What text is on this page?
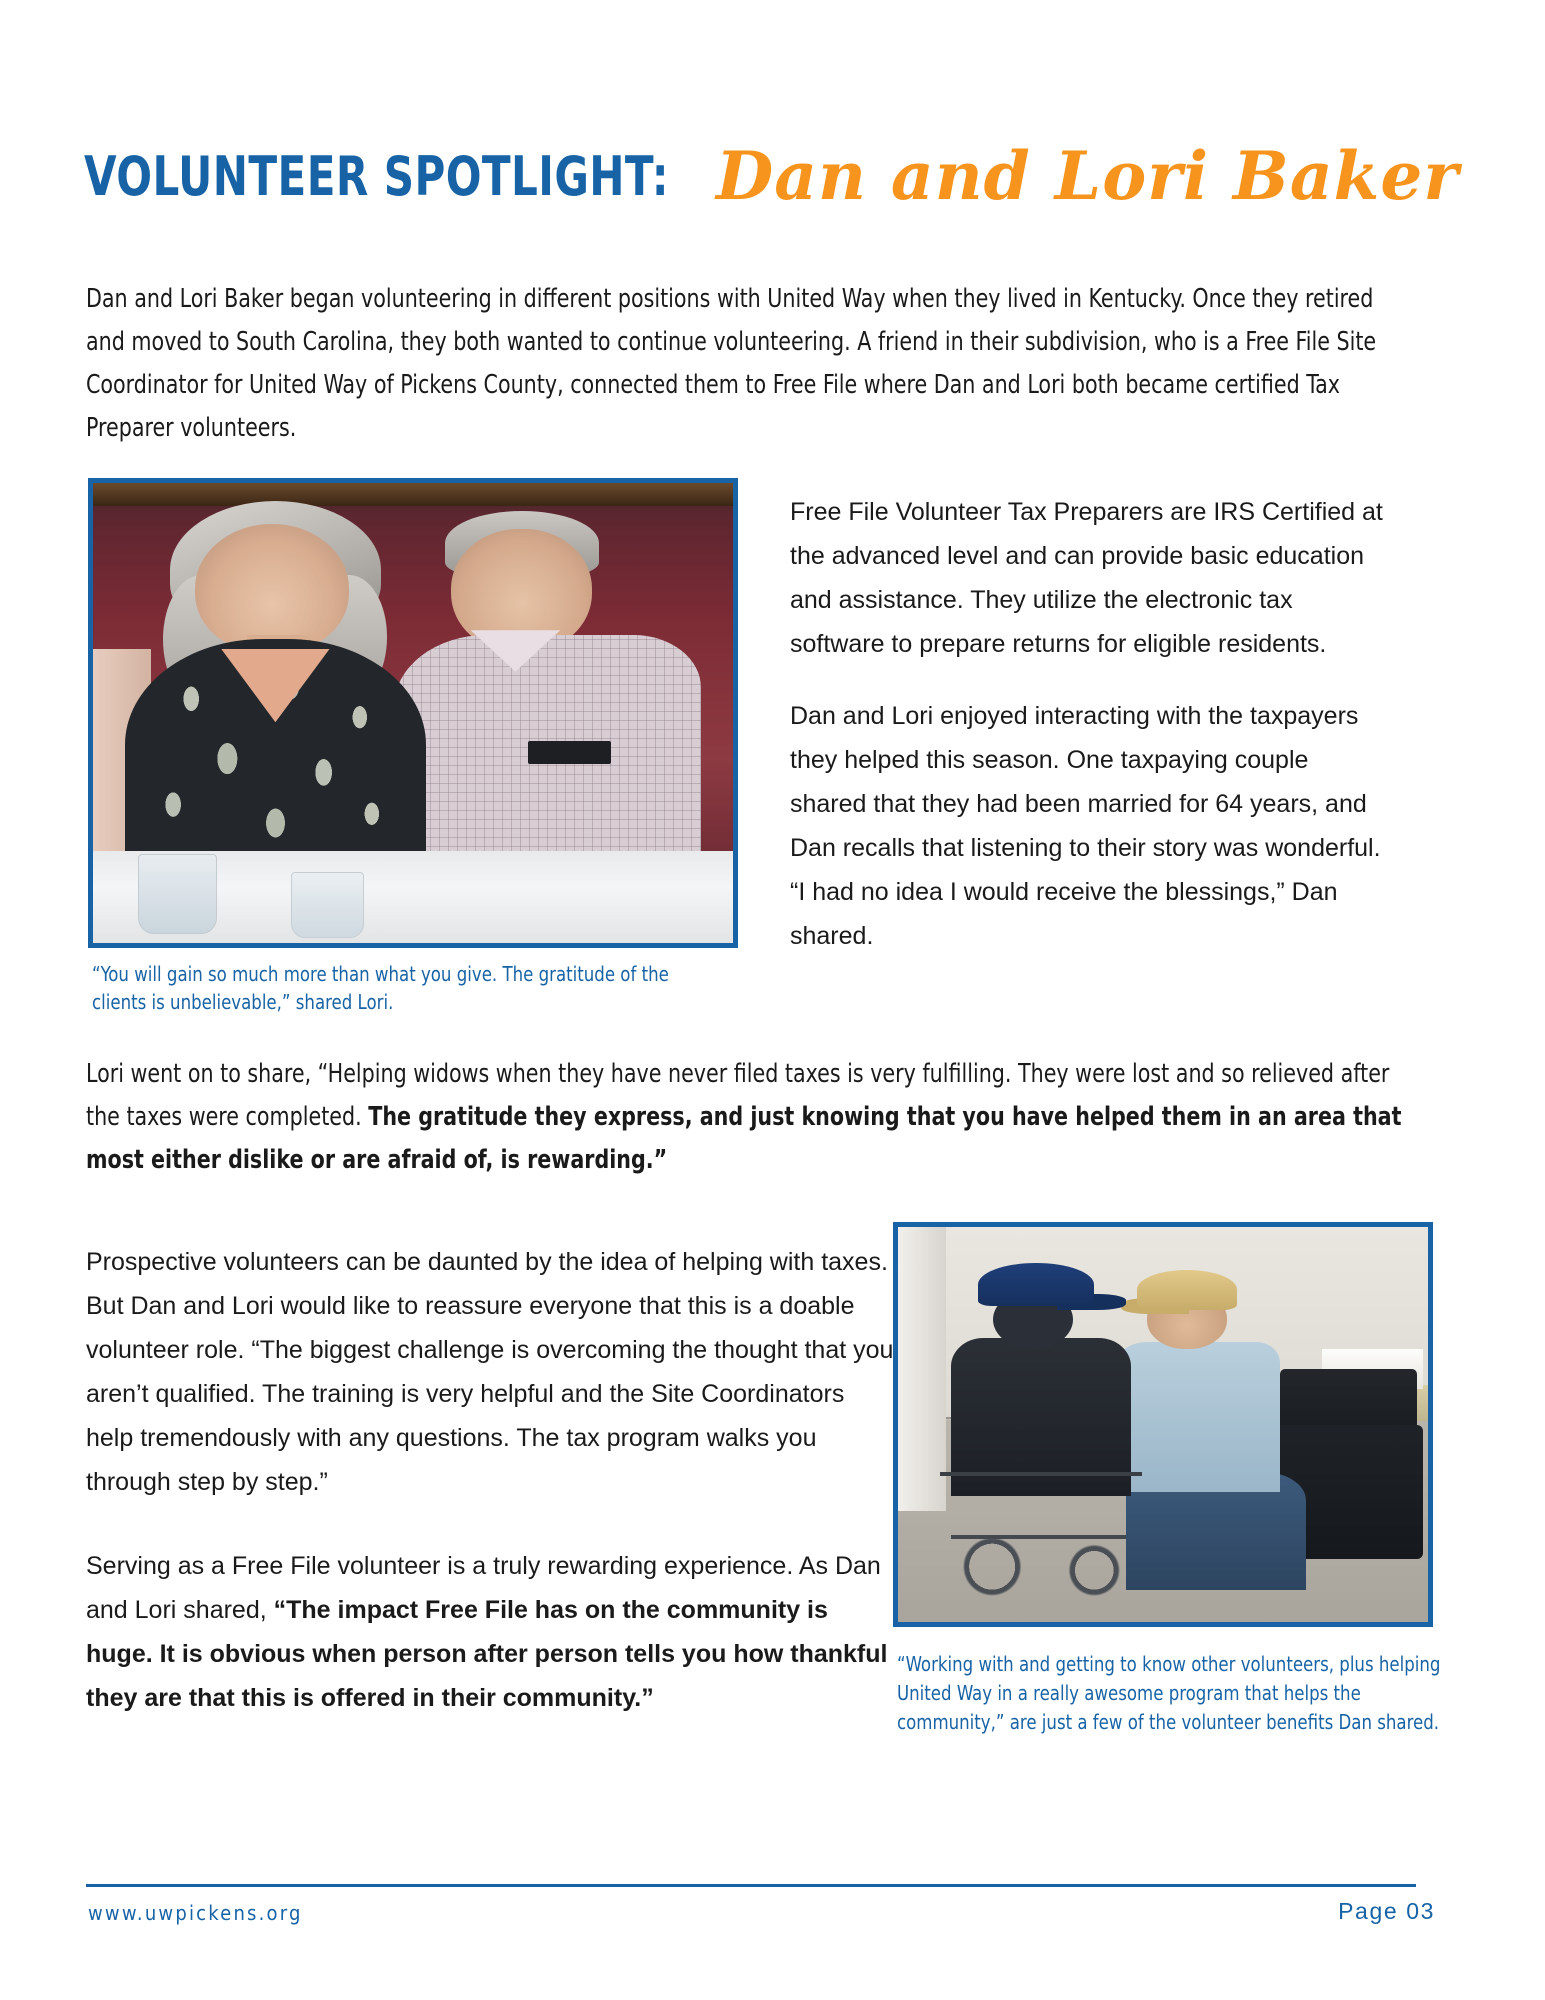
VOLUNTEER SPOTLIGHT: Dan and Lori Baker

Dan and Lori Baker began volunteering in different positions with United Way when they lived in Kentucky. Once they retired and moved to South Carolina, they both wanted to continue volunteering. A friend in their subdivision, who is a Free File Site Coordinator for United Way of Pickens County, connected them to Free File where Dan and Lori both became certified Tax Preparer volunteers.

“You will gain so much more than what you give. The gratitude of the clients is unbelievable,” shared Lori.

Free File Volunteer Tax Preparers are IRS Certified at the advanced level and can provide basic education and assistance. They utilize the electronic tax software to prepare returns for eligible residents.

Dan and Lori enjoyed interacting with the taxpayers they helped this season. One taxpaying couple shared that they had been married for 64 years, and Dan recalls that listening to their story was wonderful. “I had no idea I would receive the blessings,” Dan shared.

Lori went on to share, “Helping widows when they have never filed taxes is very fulfilling. They were lost and so relieved after the taxes were completed. The gratitude they express, and just knowing that you have helped them in an area that most either dislike or are afraid of, is rewarding.”

Prospective volunteers can be daunted by the idea of helping with taxes. But Dan and Lori would like to reassure everyone that this is a doable volunteer role. “The biggest challenge is overcoming the thought that you aren’t qualified. The training is very helpful and the Site Coordinators help tremendously with any questions. The tax program walks you through step by step.”

Serving as a Free File volunteer is a truly rewarding experience. As Dan and Lori shared, “The impact Free File has on the community is huge. It is obvious when person after person tells you how thankful they are that this is offered in their community.”

“Working with and getting to know other volunteers, plus helping United Way in a really awesome program that helps the community,” are just a few of the volunteer benefits Dan shared.
www.uwpickens.org	Page 03
